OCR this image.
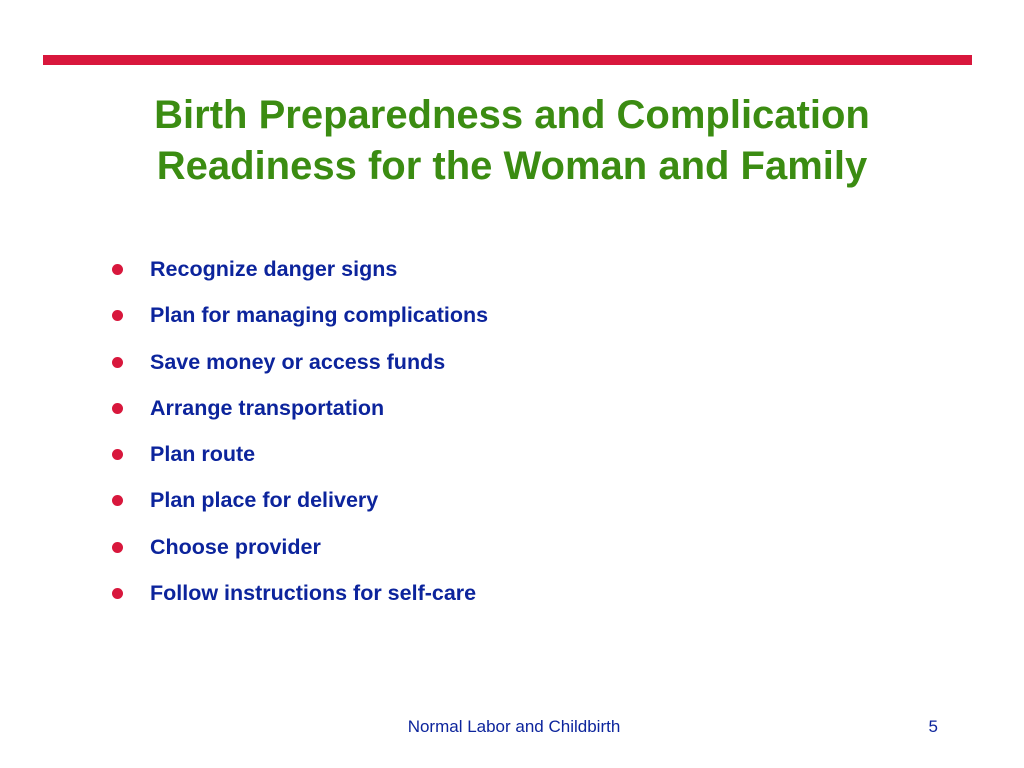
Birth Preparedness and Complication
Readiness for the Woman and Family
Recognize danger signs
Plan for managing complications
Save money or access funds
Arrange transportation
Plan route
Plan place for delivery
Choose provider
Follow instructions for self-care
Normal Labor and Childbirth	5
